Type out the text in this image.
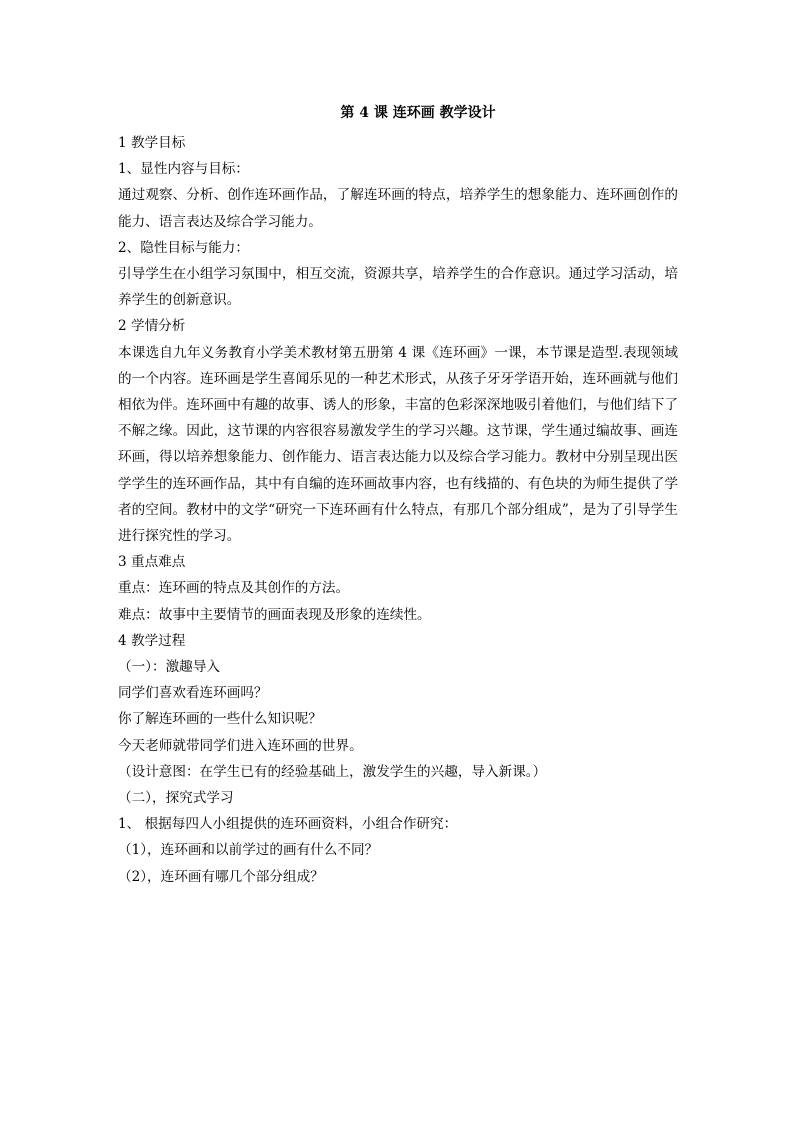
第 4 课 连环画 教学设计

1 教学目标

1、显性内容与目标：

通过观察、分析、创作连环画作品，了解连环画的特点，培养学生的想象能力、连环画创作的能力、语言表达及综合学习能力。

2、隐性目标与能力：

引导学生在小组学习氛围中，相互交流，资源共享，培养学生的合作意识。通过学习活动，培养学生的创新意识。

2 学情分析

本课选自九年义务教育小学美术教材第五册第 4 课《连环画》一课，本节课是造型.表现领域的一个内容。连环画是学生喜闻乐见的一种艺术形式，从孩子牙牙学语开始，连环画就与他们相依为伴。连环画中有趣的故事、诱人的形象，丰富的色彩深深地吸引着他们，与他们结下了不解之缘。因此，这节课的内容很容易激发学生的学习兴趣。这节课，学生通过编故事、画连环画，得以培养想象能力、创作能力、语言表达能力以及综合学习能力。教材中分别呈现出医学学生的连环画作品，其中有自编的连环画故事内容，也有线描的、有色块的为师生提供了学者的空间。教材中的文学“研究一下连环画有什么特点，有那几个部分组成”，是为了引导学生进行探究性的学习。

3 重点难点

重点：连环画的特点及其创作的方法。

难点：故事中主要情节的画面表现及形象的连续性。

4 教学过程

（一）：激趣导入

同学们喜欢看连环画吗？

你了解连环画的一些什么知识呢？

今天老师就带同学们进入连环画的世界。

（设计意图：在学生已有的经验基础上，激发学生的兴趣，导入新课。）

（二），探究式学习

1、 根据每四人小组提供的连环画资料，小组合作研究：

（1），连环画和以前学过的画有什么不同？

（2），连环画有哪几个部分组成？
